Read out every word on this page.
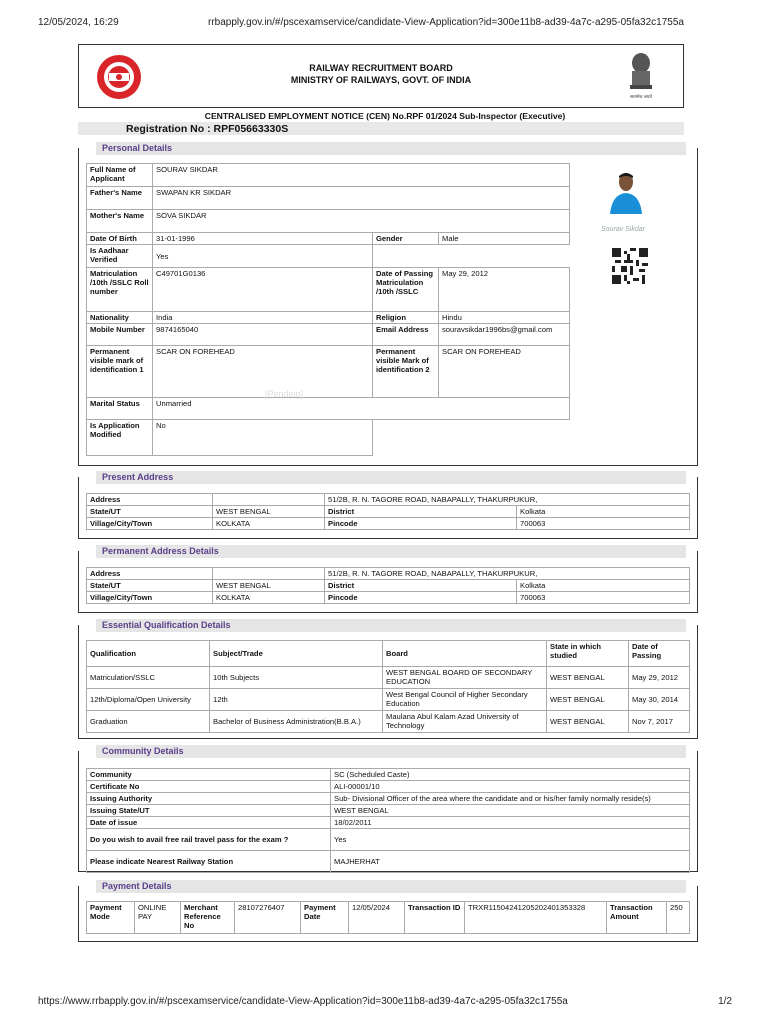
12/05/2024, 16:29	rrbapply.gov.in/#/pscexamservice/candidate-View-Application?id=300e11b8-ad39-4a7c-a295-05fa32c1755a
RAILWAY RECRUITMENT BOARD
MINISTRY OF RAILWAYS, GOVT. OF INDIA
सत्यमेव जयते
CENTRALISED EMPLOYMENT NOTICE (CEN) No.RPF 01/2024 Sub-Inspector (Executive)
Registration No : RPF05663330S
Personal Details
Full Name of Applicant	SOURAV SIKDAR		
Father's Name	SWAPAN KR SIKDAR		
Mother's Name	SOVA SIKDAR		
Date Of Birth	31-01-1996	Gender	Male
Is Aadhaar Verified	Yes		
Matriculation /10th /SSLC Roll number	C49701G0136	Date of Passing Matriculation /10th /SSLC	May 29, 2012
Nationality	India	Religion	Hindu
Mobile Number	9874165040	Email Address	souravsikdar1996bs@gmail.com
Permanent visible mark of identification 1	SCAR ON FOREHEAD	Permanent visible Mark of identification 2	SCAR ON FOREHEAD
Marital Status	Unmarried		
Is Application Modified	No		
[Pending]
Sourav Sikdar
Present Address
Address		51/2B, R. N. TAGORE ROAD, NABAPALLY, THAKURPUKUR,	
State/UT	WEST BENGAL	District	Kolkata
Village/City/Town	KOLKATA	Pincode	700063
Permanent Address Details
Address		51/2B, R. N. TAGORE ROAD, NABAPALLY, THAKURPUKUR,	
State/UT	WEST BENGAL	District	Kolkata
Village/City/Town	KOLKATA	Pincode	700063
Essential Qualification Details
Qualification	Subject/Trade	Board	State in which studied	Date of Passing
Matriculation/SSLC	10th Subjects	WEST BENGAL BOARD OF SECONDARY EDUCATION	WEST BENGAL	May 29, 2012
12th/Diploma/Open University	12th	West Bengal Council of Higher Secondary Education	WEST BENGAL	May 30, 2014
Graduation	Bachelor of Business Administration(B.B.A.)	Maulana Abul Kalam Azad University of Technology	WEST BENGAL	Nov 7, 2017
Community Details
Community	SC (Scheduled Caste)
Certificate No	ALI-00001/10
Issuing Authority	Sub- Divisional Officer of the area where the candidate and or his/her family normally reside(s)
Issuing State/UT	WEST BENGAL
Date of issue	18/02/2011
Do you wish to avail free rail travel pass for the exam ?	Yes
Please indicate Nearest Railway Station	MAJHERHAT
Payment Details
Payment Mode	ONLINE PAY	Merchant Reference No	28107276407	Payment Date	12/05/2024	Transaction ID	TRXR1150424120520240135332​8	Transaction Amount	250
https://www.rrbapply.gov.in/#/pscexamservice/candidate-View-Application?id=300e11b8-ad39-4a7c-a295-05fa32c1755a	1/2
